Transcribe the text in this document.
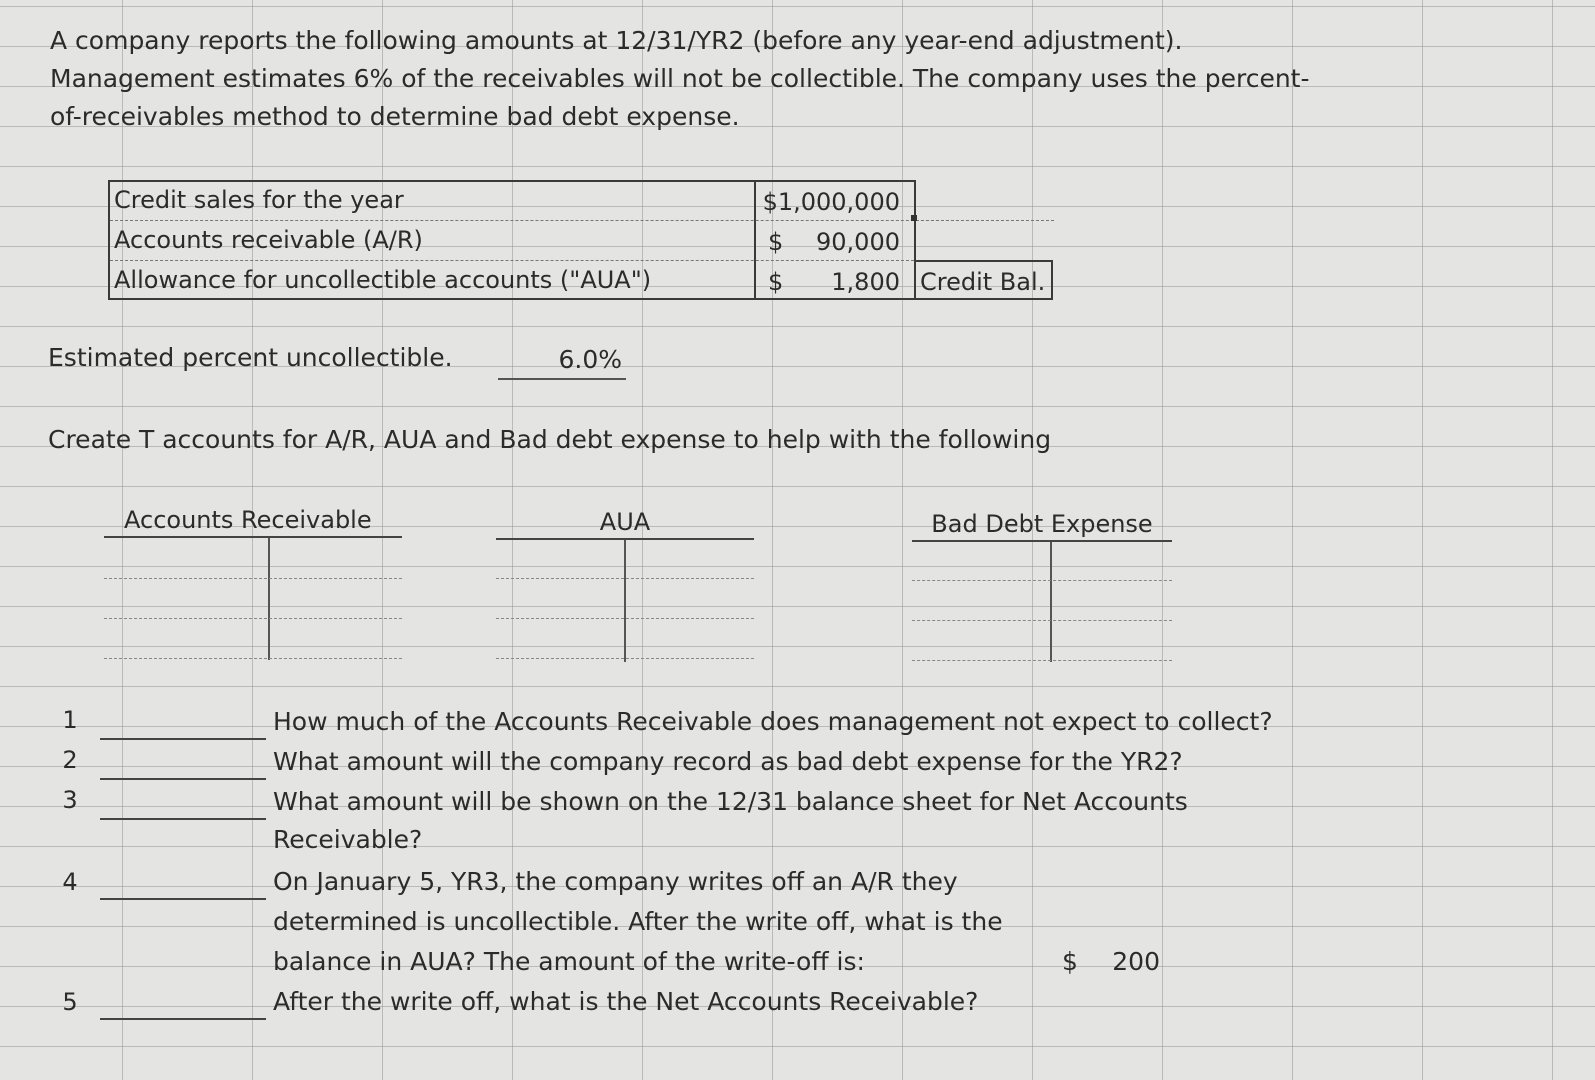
A company reports the following amounts at 12/31/YR2 (before any year-end adjustment).
Management estimates 6% of the receivables will not be collectible. The company uses the percent-
of-receivables method to determine bad debt expense.
Credit sales for the year	$1,000,000
Accounts receivable (A/R)	$	90,000
Allowance for uncollectible accounts ("AUA")	$	1,800 Credit Bal.
Estimated percent uncollectible.	6.0%
Create T accounts for A/R, AUA and Bad debt expense to help with the following
Accounts Receivable	AUA	Bad Debt Expense
1	How much of the Accounts Receivable does management not expect to collect?
2	What amount will the company record as bad debt expense for the YR2?
3	What amount will be shown on the 12/31 balance sheet for Net Accounts
Receivable?
4	On January 5, YR3, the company writes off an A/R they
determined is uncollectible. After the write off, what is the
balance in AUA? The amount of the write-off is:	$	200
5	After the write off, what is the Net Accounts Receivable?
